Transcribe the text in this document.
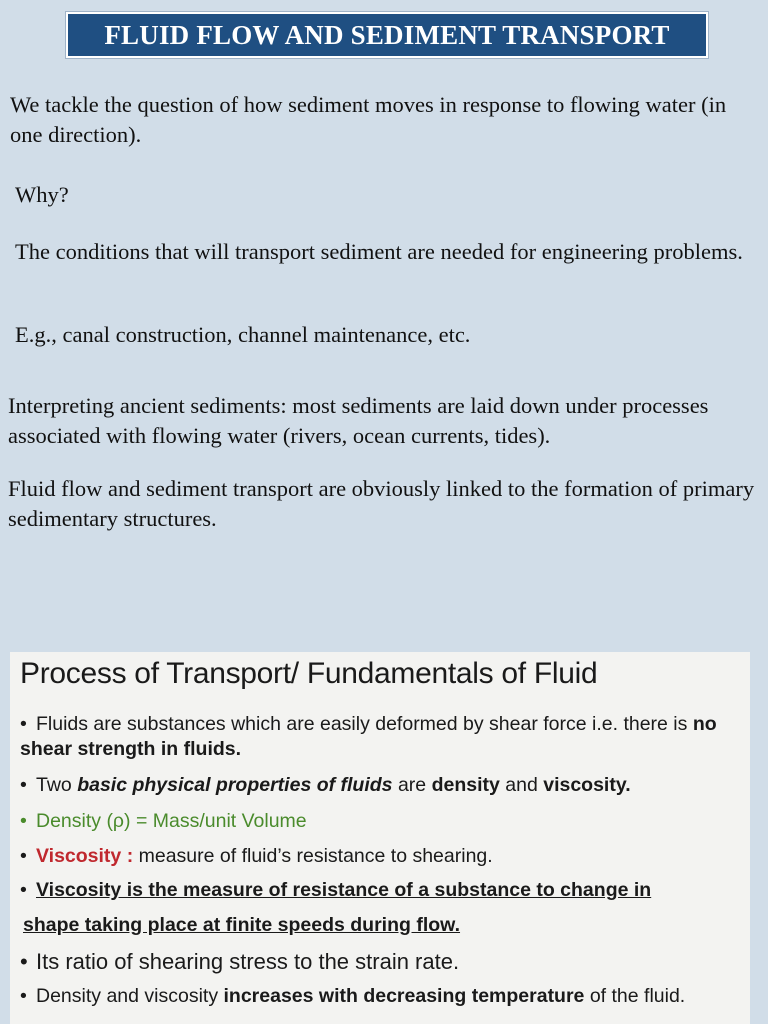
FLUID FLOW AND SEDIMENT TRANSPORT

We tackle the question of how sediment moves in response to flowing water (in one direction).

Why?

The conditions that will transport sediment are needed for engineering problems.

E.g., canal construction, channel maintenance, etc.

Interpreting ancient sediments: most sediments are laid down under processes associated with flowing water (rivers, ocean currents, tides).

Fluid flow and sediment transport are obviously linked to the formation of primary sedimentary structures.

Process of Transport/ Fundamentals of Fluid

• Fluids are substances which are easily deformed by shear force i.e. there is no shear strength in fluids.

• Two basic physical properties of fluids are density and viscosity.

• Density (ρ) = Mass/unit Volume

• Viscosity : measure of fluid’s resistance to shearing.

• Viscosity is the measure of resistance of a substance to change in

shape taking place at finite speeds during flow.

• Its ratio of shearing stress to the strain rate.

• Density and viscosity increases with decreasing temperature of the fluid.
